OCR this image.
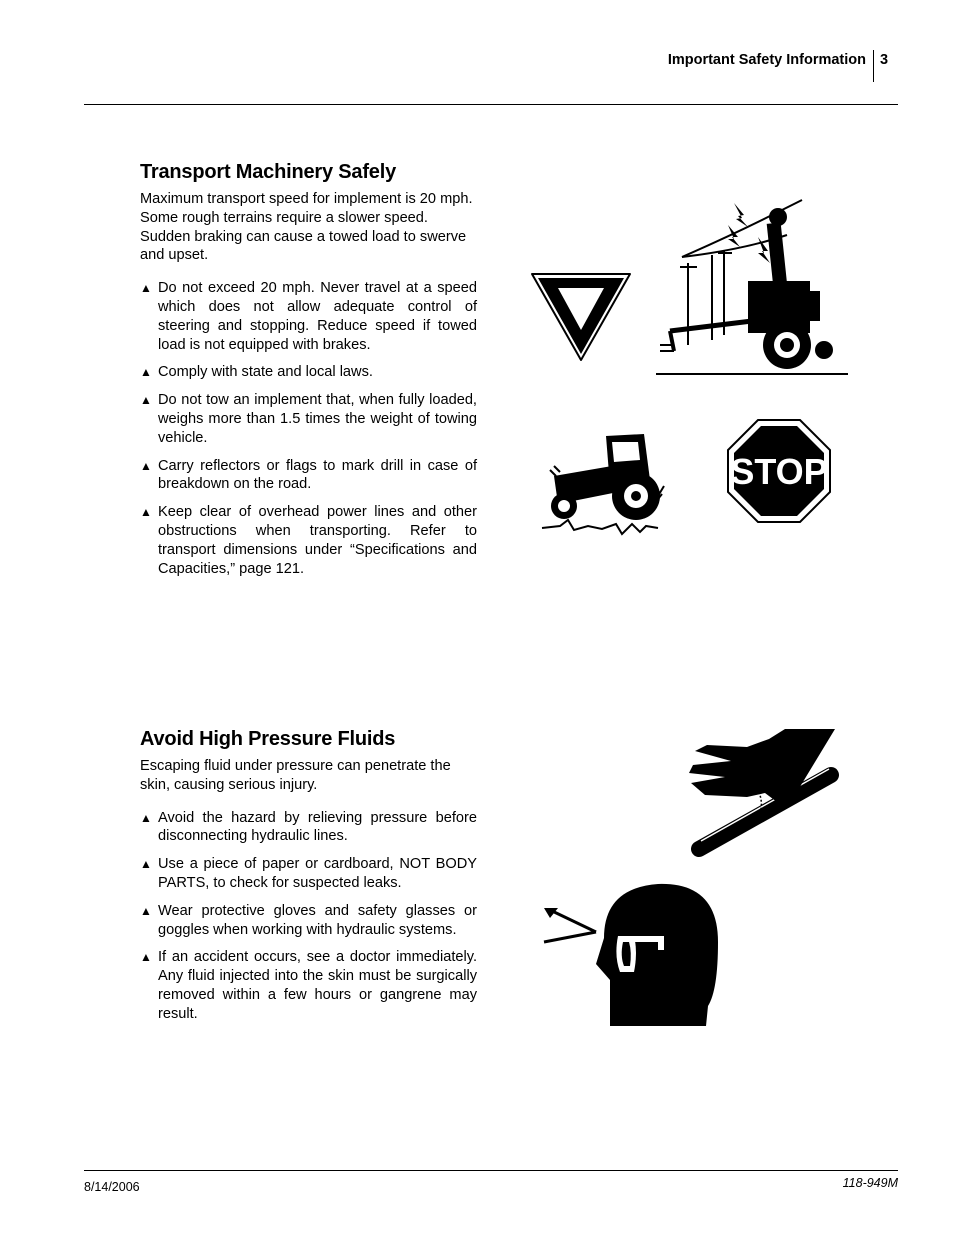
Important Safety Information 3
Transport Machinery Safely

Maximum transport speed for implement is 20 mph. Some rough terrains require a slower speed. Sudden braking can cause a towed load to swerve and upset.

▲ Do not exceed 20 mph. Never travel at a speed which does not allow adequate control of steering and stopping. Reduce speed if towed load is not equipped with brakes.
▲ Comply with state and local laws.
▲ Do not tow an implement that, when fully loaded, weighs more than 1.5 times the weight of towing vehicle.
▲ Carry reflectors or flags to mark drill in case of breakdown on the road.
▲ Keep clear of overhead power lines and other obstructions when transporting. Refer to transport dimensions under “Specifications and Capacities,” page 121.
Avoid High Pressure Fluids

Escaping fluid under pressure can penetrate the skin, causing serious injury.

▲ Avoid the hazard by relieving pressure before disconnecting hydraulic lines.
▲ Use a piece of paper or cardboard, NOT BODY PARTS, to check for suspected leaks.
▲ Wear protective gloves and safety glasses or goggles when working with hydraulic systems.
▲ If an accident occurs, see a doctor immediately. Any fluid injected into the skin must be surgically removed within a few hours or gangrene may result.
STOP
8/14/2006	118-949M
